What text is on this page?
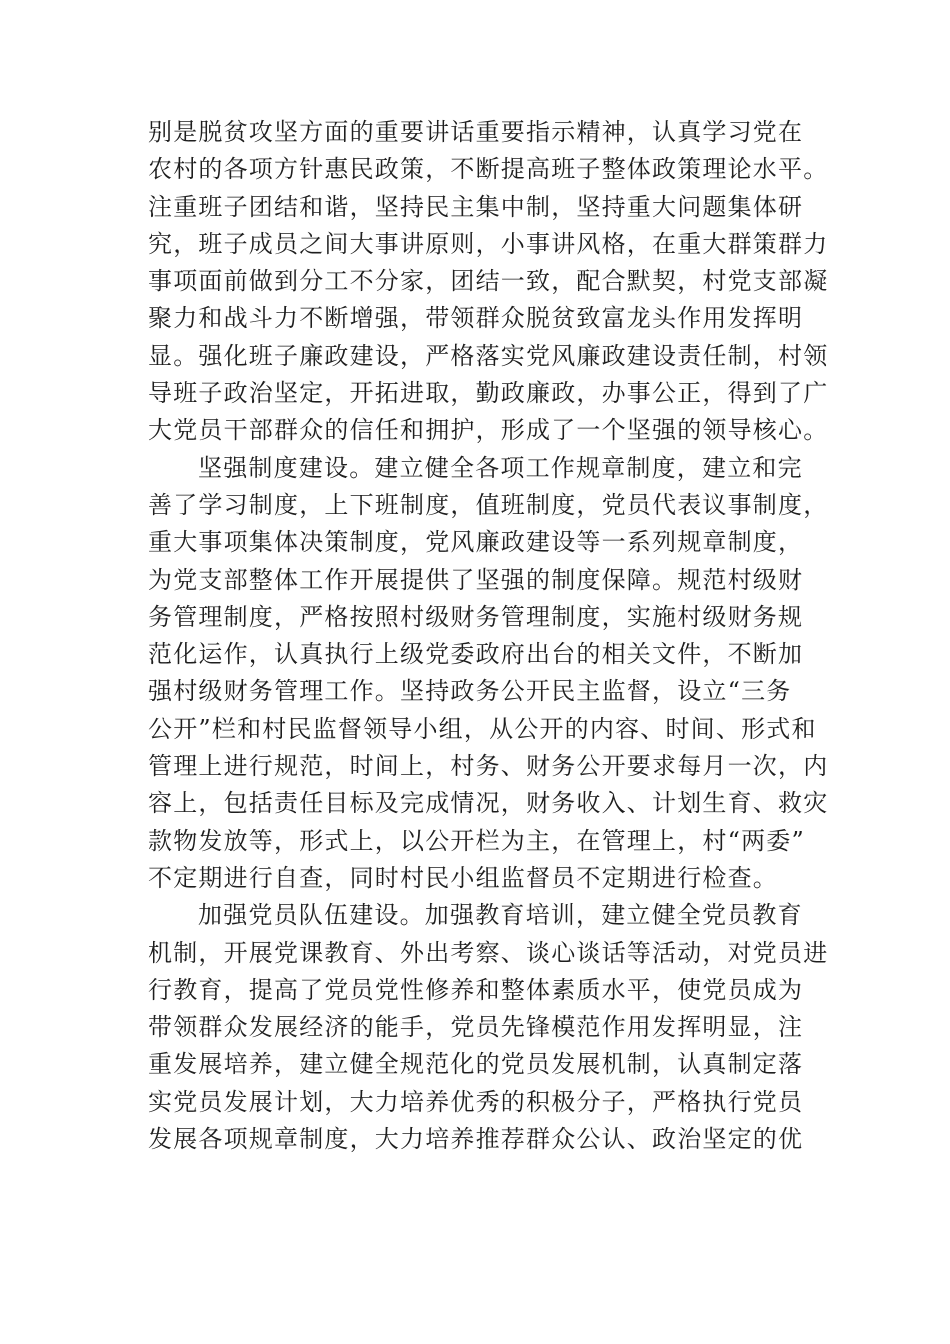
别是脱贫攻坚方面的重要讲话重要指示精神，认真学习党在
农村的各项方针惠民政策，不断提高班子整体政策理论水平。
注重班子团结和谐，坚持民主集中制，坚持重大问题集体研
究，班子成员之间大事讲原则，小事讲风格，在重大群策群力
事项面前做到分工不分家，团结一致，配合默契，村党支部凝
聚力和战斗力不断增强，带领群众脱贫致富龙头作用发挥明
显。强化班子廉政建设，严格落实党风廉政建设责任制，村领
导班子政治坚定，开拓进取，勤政廉政，办事公正，得到了广
大党员干部群众的信任和拥护，形成了一个坚强的领导核心。
坚强制度建设。建立健全各项工作规章制度，建立和完
善了学习制度，上下班制度，值班制度，党员代表议事制度，
重大事项集体决策制度，党风廉政建设等一系列规章制度，
为党支部整体工作开展提供了坚强的制度保障。规范村级财
务管理制度，严格按照村级财务管理制度，实施村级财务规
范化运作，认真执行上级党委政府出台的相关文件，不断加
强村级财务管理工作。坚持政务公开民主监督，设立“三务
公开”栏和村民监督领导小组，从公开的内容、时间、形式和
管理上进行规范，时间上，村务、财务公开要求每月一次，内
容上，包括责任目标及完成情况，财务收入、计划生育、救灾
款物发放等，形式上，以公开栏为主，在管理上，村“两委”
不定期进行自查，同时村民小组监督员不定期进行检查。
加强党员队伍建设。加强教育培训，建立健全党员教育
机制，开展党课教育、外出考察、谈心谈话等活动，对党员进
行教育，提高了党员党性修养和整体素质水平，使党员成为
带领群众发展经济的能手，党员先锋模范作用发挥明显，注
重发展培养，建立健全规范化的党员发展机制，认真制定落
实党员发展计划，大力培养优秀的积极分子，严格执行党员
发展各项规章制度，大力培养推荐群众公认、政治坚定的优
